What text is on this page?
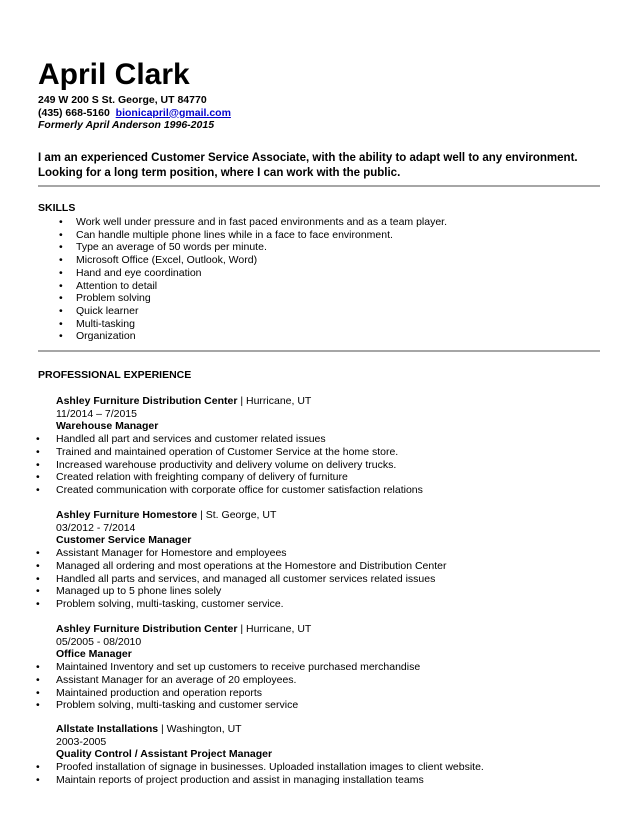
April Clark
249 W 200 S St. George, UT 84770
(435) 668-5160 bionicapril@gmail.com
Formerly April Anderson 1996-2015
I am an experienced Customer Service Associate, with the ability to adapt well to any environment. Looking for a long term position, where I can work with the public.
SKILLS
• Work well under pressure and in fast paced environments and as a team player.
• Can handle multiple phone lines while in a face to face environment.
• Type an average of 50 words per minute.
• Microsoft Office (Excel, Outlook, Word)
• Hand and eye coordination
• Attention to detail
• Problem solving
• Quick learner
• Multi-tasking
• Organization
PROFESSIONAL EXPERIENCE
Ashley Furniture Distribution Center | Hurricane, UT
11/2014 – 7/2015
Warehouse Manager
• Handled all part and services and customer related issues
• Trained and maintained operation of Customer Service at the home store.
• Increased warehouse productivity and delivery volume on delivery trucks.
• Created relation with freighting company of delivery of furniture
• Created communication with corporate office for customer satisfaction relations
Ashley Furniture Homestore | St. George, UT
03/2012 - 7/2014
Customer Service Manager
• Assistant Manager for Homestore and employees
• Managed all ordering and most operations at the Homestore and Distribution Center
• Handled all parts and services, and managed all customer services related issues
• Managed up to 5 phone lines solely
• Problem solving, multi-tasking, customer service.
Ashley Furniture Distribution Center | Hurricane, UT
05/2005 - 08/2010
Office Manager
• Maintained Inventory and set up customers to receive purchased merchandise
• Assistant Manager for an average of 20 employees.
• Maintained production and operation reports
• Problem solving, multi-tasking and customer service
Allstate Installations | Washington, UT
2003-2005
Quality Control / Assistant Project Manager
• Proofed installation of signage in businesses. Uploaded installation images to client website.
• Maintain reports of project production and assist in managing installation teams
